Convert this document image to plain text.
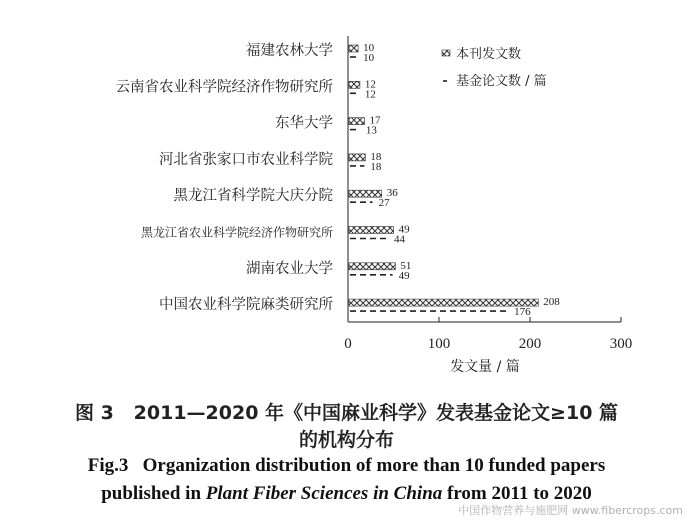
0	100	200	300
发文量 / 篇
福建农林大学	10
10
云南省农业科学院经济作物研究所	12
12
东华大学	17
13
河北省张家口市农业科学院	18
18
黑龙江省科学院大庆分院	36
27
黑龙江省农业科学院经济作物研究所	49
44
湖南农业大学	51
49
中国农业科学院麻类研究所	208
176
本刊发文数
基金论文数 / 篇
图 3 2011—2020 年《中国麻业科学》发表基金论文≥10 篇
的机构分布
Fig.3 Organization distribution of more than 10 funded papers
published in Plant Fiber Sciences in China from 2011 to 2020
中国作物营养与施肥网 www.fibercrops.com
